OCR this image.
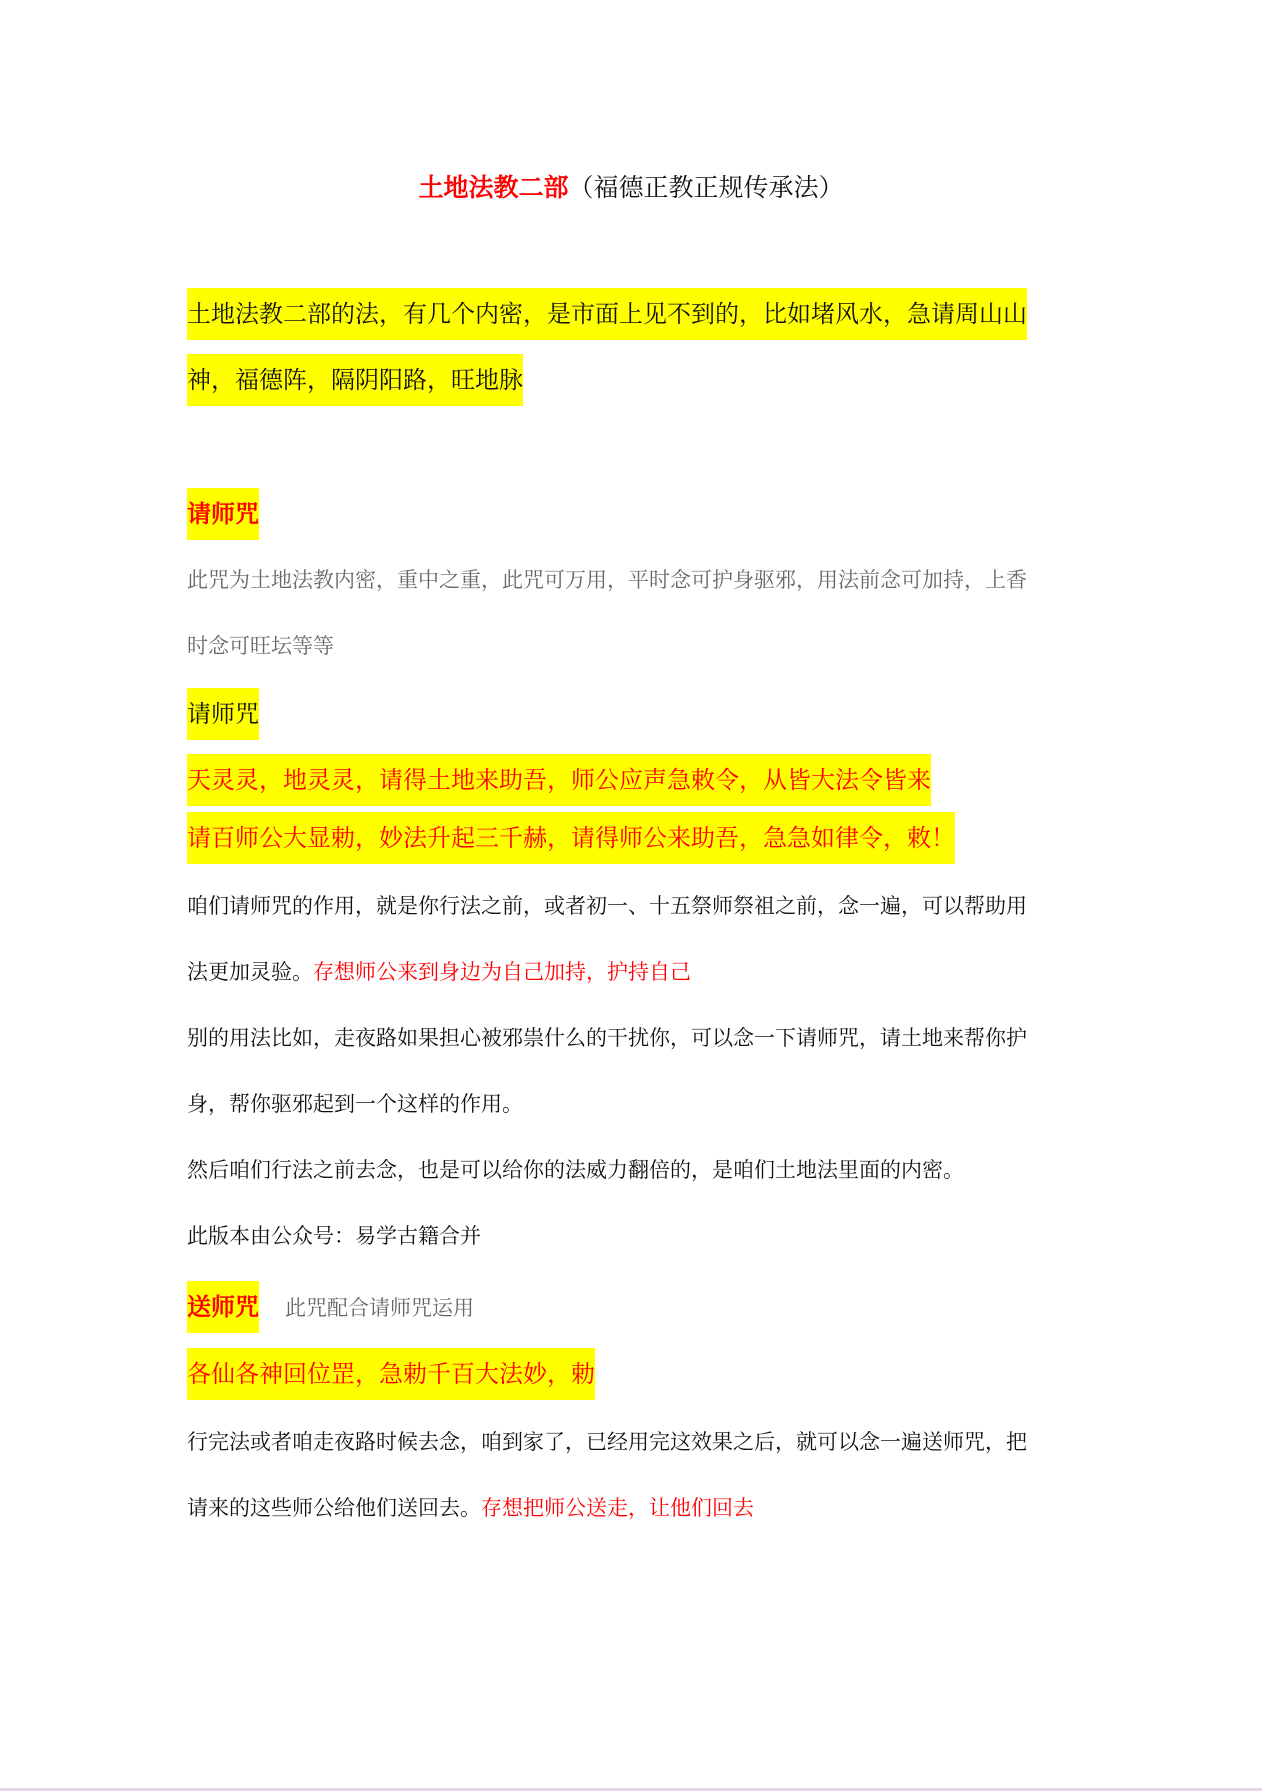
土地法教二部（福德正教正规传承法）
土地法教二部的法，有几个内密，是市面上见不到的，比如堵风水，急请周山山
神，福德阵，隔阴阳路，旺地脉
请师咒
此咒为土地法教内密，重中之重，此咒可万用，平时念可护身驱邪，用法前念可加持，上香
时念可旺坛等等
请师咒
天灵灵，地灵灵，请得土地来助吾，师公应声急敕令，从皆大法令皆来
请百师公大显勅，妙法升起三千赫，请得师公来助吾，急急如律令，敕！
咱们请师咒的作用，就是你行法之前，或者初一、十五祭师祭祖之前，念一遍，可以帮助用
法更加灵验。存想师公来到身边为自己加持，护持自己
别的用法比如，走夜路如果担心被邪祟什么的干扰你，可以念一下请师咒，请土地来帮你护
身，帮你驱邪起到一个这样的作用。
然后咱们行法之前去念，也是可以给你的法威力翻倍的，是咱们土地法里面的内密。
此版本由公众号：易学古籍合并
送师咒 此咒配合请师咒运用
各仙各神回位罡，急勅千百大法妙，勅
行完法或者咱走夜路时候去念，咱到家了，已经用完这效果之后，就可以念一遍送师咒，把
请来的这些师公给他们送回去。存想把师公送走，让他们回去
